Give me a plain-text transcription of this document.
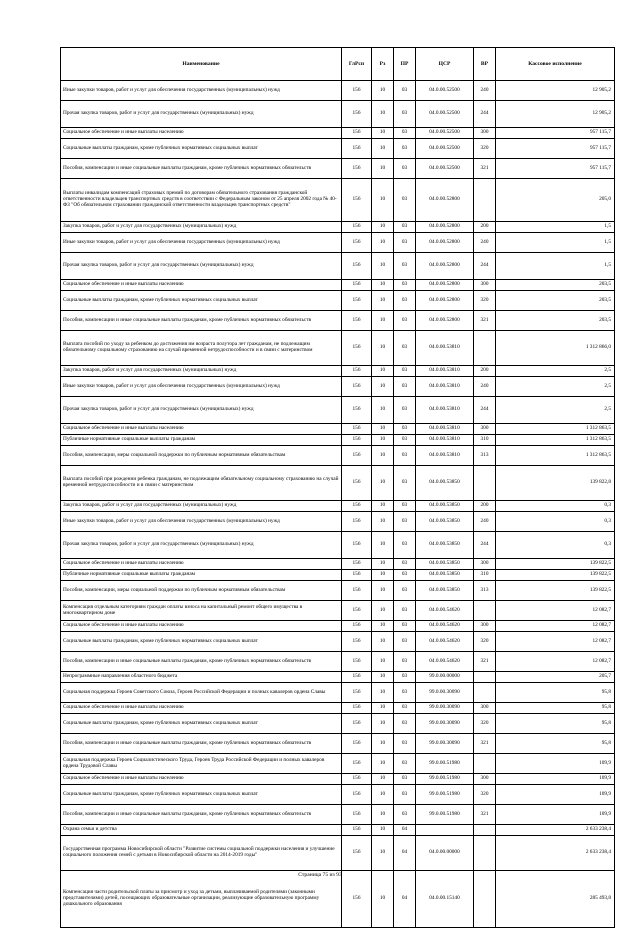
Наименование	ГлРсп	Рз	ПР	ЦСР	ВР	Кассовое исполнение
Иные закупки товаров, работ и услуг для обеспечения государственных (муниципальных) нужд	156	10	03	04.0.00.52500	240	12 905,2
Прочая закупка товаров, работ и услуг для государственных (муниципальных) нужд	156	10	03	04.0.00.52500	244	12 905,2
Социальное обеспечение и иные выплаты населению	156	10	03	04.0.00.52500	300	957 115,7
Социальные выплаты гражданам, кроме публичных нормативных социальных выплат	156	10	03	04.0.00.52500	320	957 115,7
Пособия, компенсации и иные социальные выплаты гражданам, кроме публичных нормативных обязательств	156	10	03	04.0.00.52500	321	957 115,7
Выплаты инвалидам компенсаций страховых премий по договорам обязательного страхования гражданской ответственности владельцев транспортных средств в соответствии с Федеральным законом от 25 апреля 2002 года № 40-ФЗ "Об обязательном страховании гражданской ответственности владельцев транспортных средств"	156	10	03	04.0.00.52800		205,0
Закупка товаров, работ и услуг для государственных (муниципальных) нужд	156	10	03	04.0.00.52800	200	1,5
Иные закупки товаров, работ и услуг для обеспечения государственных (муниципальных) нужд	156	10	03	04.0.00.52800	240	1,5
Прочая закупка товаров, работ и услуг для государственных (муниципальных) нужд	156	10	03	04.0.00.52800	244	1,5
Социальное обеспечение и иные выплаты населению	156	10	03	04.0.00.52800	300	203,5
Социальные выплаты гражданам, кроме публичных нормативных социальных выплат	156	10	03	04.0.00.52800	320	203,5
Пособия, компенсации и иные социальные выплаты гражданам, кроме публичных нормативных обязательств	156	10	03	04.0.00.52800	321	203,5
Выплата пособий по уходу за ребенком до достижения им возраста полутора лет гражданам, не подлежащим обязательному социальному страхованию на случай временной нетрудоспособности и в связи с материнством	156	10	03	04.0.00.53810		1 312 866,0
Закупка товаров, работ и услуг для государственных (муниципальных) нужд	156	10	03	04.0.00.53810	200	2,5
Иные закупки товаров, работ и услуг для обеспечения государственных (муниципальных) нужд	156	10	03	04.0.00.53810	240	2,5
Прочая закупка товаров, работ и услуг для государственных (муниципальных) нужд	156	10	03	04.0.00.53810	244	2,5
Социальное обеспечение и иные выплаты населению	156	10	03	04.0.00.53810	300	1 312 863,5
Публичные нормативные социальные выплаты гражданам	156	10	03	04.0.00.53810	310	1 312 863,5
Пособия, компенсации, меры социальной поддержки по публичным нормативным обязательствам	156	10	03	04.0.00.53810	313	1 312 863,5
Выплата пособий при рождении ребенка гражданам, не подлежащим обязательному социальному страхованию на случай временной нетрудоспособности и в связи с материнством	156	10	03	04.0.00.53850		139 822,8
Закупка товаров, работ и услуг для государственных (муниципальных) нужд	156	10	03	04.0.00.53850	200	0,3
Иные закупки товаров, работ и услуг для обеспечения государственных (муниципальных) нужд	156	10	03	04.0.00.53850	240	0,3
Прочая закупка товаров, работ и услуг для государственных (муниципальных) нужд	156	10	03	04.0.00.53850	244	0,3
Социальное обеспечение и иные выплаты населению	156	10	03	04.0.00.53850	300	139 822,5
Публичные нормативные социальные выплаты гражданам	156	10	03	04.0.00.53850	310	139 822,5
Пособия, компенсации, меры социальной поддержки по публичным нормативным обязательствам	156	10	03	04.0.00.53850	313	139 822,5
Компенсация отдельным категориям граждан оплаты взноса на капитальный ремонт общего имущества в многоквартирном доме	156	10	03	04.0.00.54620		12 082,7
Социальное обеспечение и иные выплаты населению	156	10	03	04.0.00.54620	300	12 082,7
Социальные выплаты гражданам, кроме публичных нормативных социальных выплат	156	10	03	04.0.00.54620	320	12 082,7
Пособия, компенсации и иные социальные выплаты гражданам, кроме публичных нормативных обязательств	156	10	03	04.0.00.54620	321	12 082,7
Непрограммные направления областного бюджета	156	10	03	99.0.00.00000		205,7
Социальная поддержка Героев Советского Союза, Героев Российской Федерации и полных кавалеров ордена Славы	156	10	03	99.0.00.30090		95,8
Социальное обеспечение и иные выплаты населению	156	10	03	99.0.00.30090	300	95,8
Социальные выплаты гражданам, кроме публичных нормативных социальных выплат	156	10	03	99.0.00.30090	320	95,8
Пособия, компенсации и иные социальные выплаты гражданам, кроме публичных нормативных обязательств	156	10	03	99.0.00.30090	321	95,8
Социальная поддержка Героев Социалистического Труда, Героев Труда Российской Федерации и полных кавалеров ордена Трудовой Славы	156	10	03	99.0.00.51980		109,9
Социальное обеспечение и иные выплаты населению	156	10	03	99.0.00.51980	300	109,9
Социальные выплаты гражданам, кроме публичных нормативных социальных выплат	156	10	03	99.0.00.51980	320	109,9
Пособия, компенсации и иные социальные выплаты гражданам, кроме публичных нормативных обязательств	156	10	03	99.0.00.51980	321	109,9
Охрана семьи и детства	156	10	04			2 633 238,4
Государственная программа Новосибирской области "Развитие системы социальной поддержки населения и улучшение социального положения семей с детьми в Новосибирской области на 2014-2019 годы"	156	10	04	04.0.00.00000		2 633 238,4
Компенсация части родительской платы за присмотр и уход за детьми, выплачиваемой родителями (законными представителями) детей, посещающих образовательные организации, реализующие образовательную программу дошкольного образования	156	10	04	04.0.00.15140		285 493,8
Страница 75 из 93
